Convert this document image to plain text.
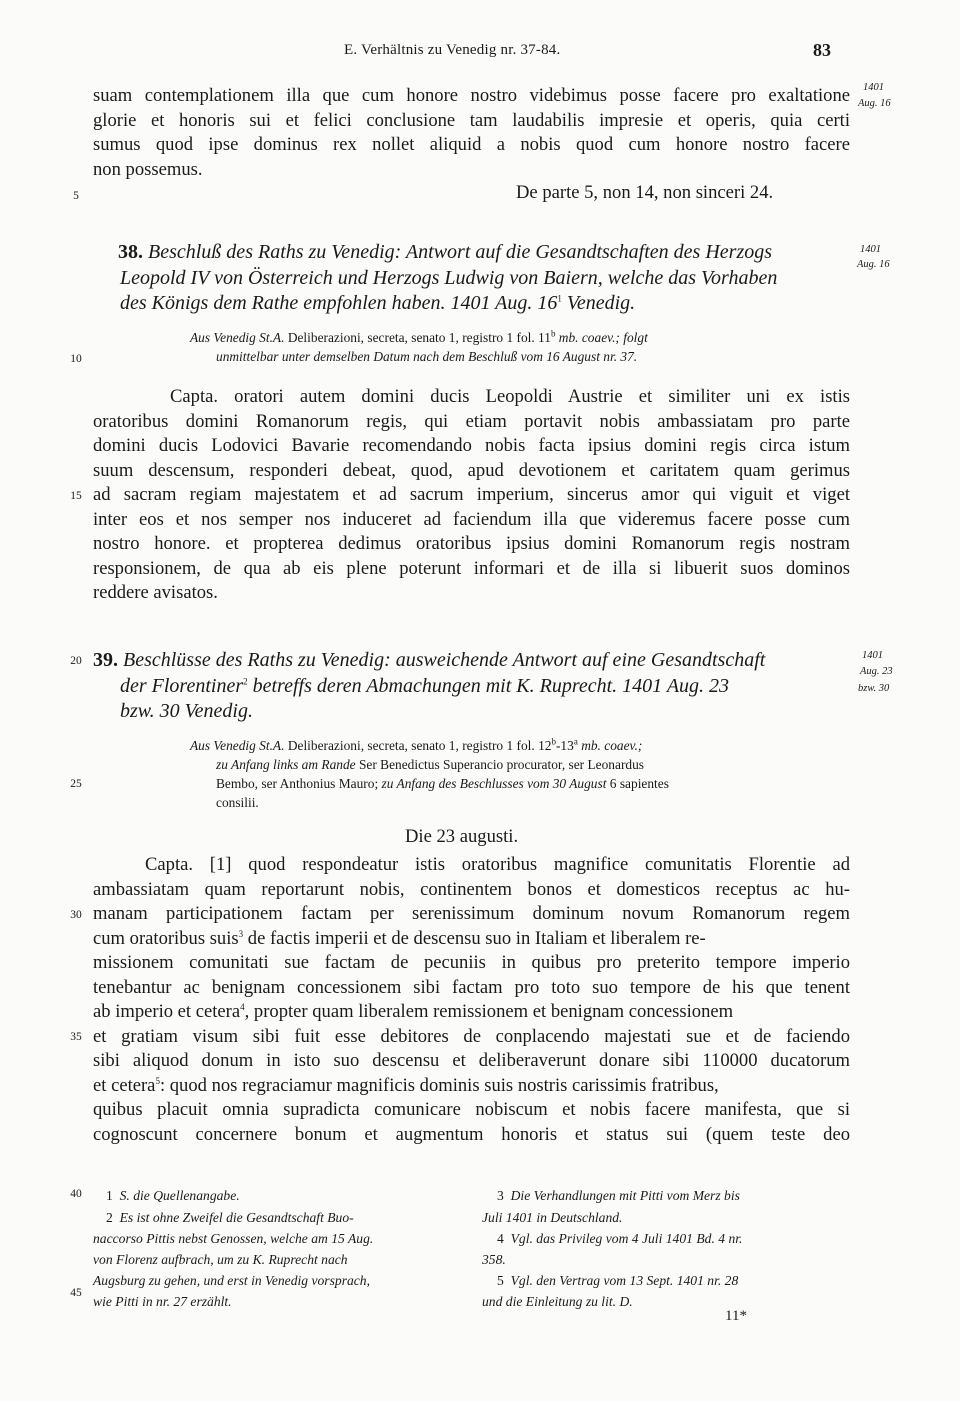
E. Verhältnis zu Venedig nr. 37-84.	83
suam contemplationem illa que cum honore nostro videbimus posse facere pro exaltatione
glorie et honoris sui et felici conclusione tam laudabilis impresie et operis, quia certi
sumus quod ipse dominus rex nollet aliquid a nobis quod cum honore nostro facere
non possemus.
De parte 5, non 14, non sinceri 24.
1401
Aug. 16
38. Beschluß des Raths zu Venedig: Antwort auf die Gesandtschaften des Herzogs
Leopold IV von Österreich und Herzogs Ludwig von Baiern, welche das Vorhaben
des Königs dem Rathe empfohlen haben. 1401 Aug. $16^1$ Venedig.
1401
Aug. 16
Aus Venedig St.A. Deliberazioni, secreta, senato 1, registro 1 fol. 11$^b$ mb. coaev.; folgt
unmittelbar unter demselben Datum nach dem Beschluß vom 16 August nr. 37.
Capta. oratori autem domini ducis Leopoldi Austrie et similiter uni ex istis
oratoribus domini Romanorum regis, qui etiam portavit nobis ambassiatam pro parte
domini ducis Lodovici Bavarie recomendando nobis facta ipsius domini regis circa istum
suum descensum, responderi debeat, quod, apud devotionem et caritatem quam gerimus
ad sacram regiam majestatem et ad sacrum imperium, sincerus amor qui viguit et viget
inter eos et nos semper nos induceret ad faciendum illa que videremus facere posse cum
nostro honore. et propterea dedimus oratoribus ipsius domini Romanorum regis nostram
responsionem, de qua ab eis plene poterunt informari et de illa si libuerit suos dominos
reddere avisatos.
39. Beschlüsse des Raths zu Venedig: ausweichende Antwort auf eine Gesandtschaft
der Florentiner$^2$ betreffs deren Abmachungen mit K. Ruprecht. 1401 Aug. 23
bzw. 30 Venedig.
1401
Aug. 23
bzw. 30
Aus Venedig St.A. Deliberazioni, secreta, senato 1, registro 1 fol. 12$^b$-13$^a$ mb. coaev.;
zu Anfang links am Rande Ser Benedictus Superancio procurator, ser Leonardus
Bembo, ser Anthonius Mauro; zu Anfang des Beschlusses vom 30 August 6 sapientes
consilii.
Die 23 augusti.
Capta. [1] quod respondeatur istis oratoribus magnifice comunitatis Florentie ad
ambassiatam quam reportarunt nobis, continentem bonos et domesticos receptus ac hu-
manam participationem factam per serenissimum dominum novum Romanorum regem
cum oratoribus suis$^3$ de factis imperii et de descensu suo in Italiam et liberalem re-
missionem comunitati sue factam de pecuniis in quibus pro preterito tempore imperio
tenebantur ac benignam concessionem sibi factam pro toto suo tempore de his que tenent
ab imperio et cetera$^4$, propter quam liberalem remissionem et benignam concessionem
et gratiam visum sibi fuit esse debitores de conplacendo majestati sue et de faciendo
sibi aliquod donum in isto suo descensu et deliberaverunt donare sibi 110000 ducatorum
et cetera$^5$: quod nos regraciamur magnificis dominis suis nostris carissimis fratribus,
quibus placuit omnia supradicta comunicare nobiscum et nobis facere manifesta, que si
cognoscunt concernere bonum et augmentum honoris et status sui (quem teste deo
5
10
15
20
25
30
35
40
45
1 S. die Quellenangabe.
2 Es ist ohne Zweifel die Gesandtschaft Buo-
naccorso Pittis nebst Genossen, welche am 15 Aug.
von Florenz aufbrach, um zu K. Ruprecht nach
Augsburg zu gehen, und erst in Venedig vorsprach,
wie Pitti in nr. 27 erzählt.
3 Die Verhandlungen mit Pitti vom Merz bis
Juli 1401 in Deutschland.
4 Vgl. das Privileg vom 4 Juli 1401 Bd. 4 nr.
358.
5 Vgl. den Vertrag vom 13 Sept. 1401 nr. 28
und die Einleitung zu lit. D.
11*
